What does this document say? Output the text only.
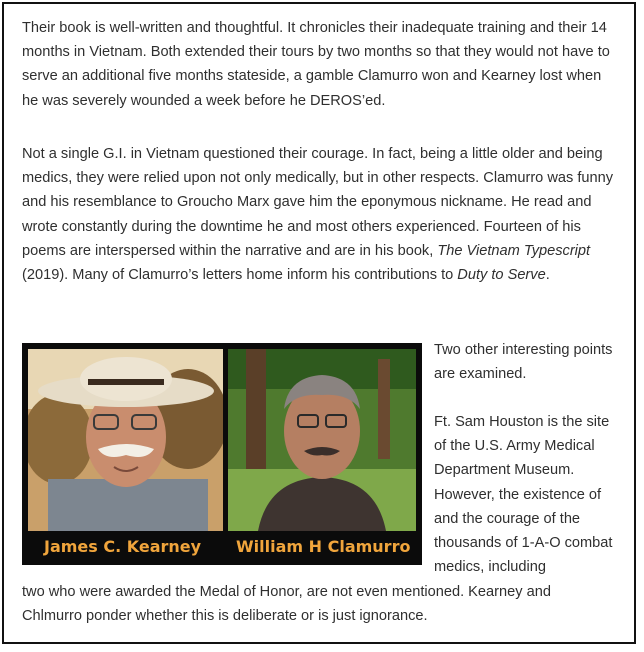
Their book is well-written and thoughtful. It chronicles their inadequate training and their 14 months in Vietnam. Both extended their tours by two months so that they would not have to serve an additional five months stateside, a gamble Clamurro won and Kearney lost when he was severely wounded a week before he DEROS’ed.

Not a single G.I. in Vietnam questioned their courage. In fact, being a little older and being medics, they were relied upon not only medically, but in other respects. Clamurro was funny and his resemblance to Groucho Marx gave him the eponymous nickname. He read and wrote constantly during the downtime he and most others experienced. Fourteen of his poems are interspersed within the narrative and are in his book, The Vietnam Typescript (2019). Many of Clamurro’s letters home inform his contributions to Duty to Serve.

James C. Kearney William H Clamurro

Two other interesting points are examined.

Ft. Sam Houston is the site of the U.S. Army Medical Department Museum. However, the existence of and the courage of the thousands of 1-A-O combat medics, including

two who were awarded the Medal of Honor, are not even mentioned. Kearney and
Chlmurro ponder whether this is deliberate or is just ignorance.
